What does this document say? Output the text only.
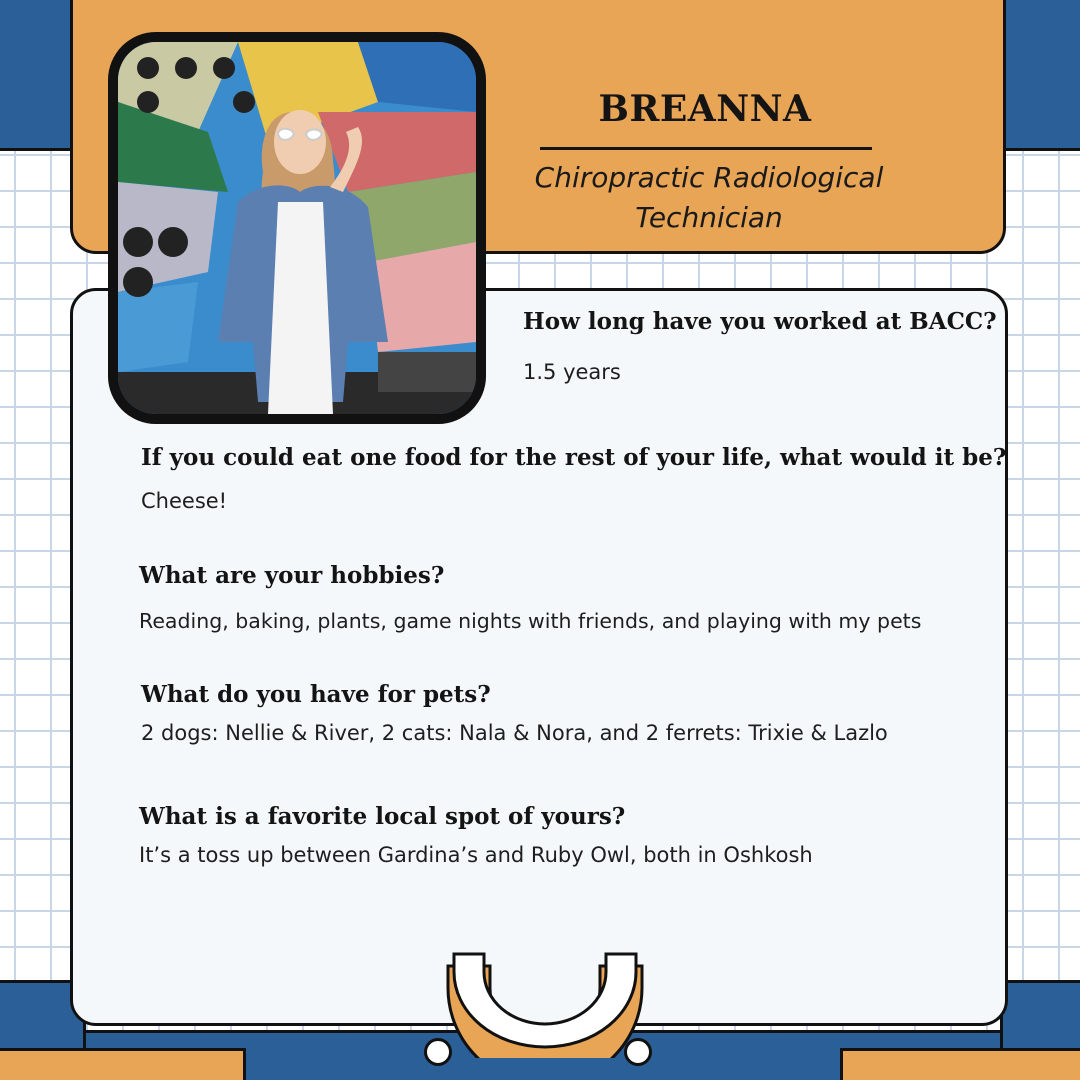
BREANNA
Chiropractic Radiological
Technician
How long have you worked at BACC?
1.5 years
If you could eat one food for the rest of your life, what would it be?
Cheese!
What are your hobbies?
Reading, baking, plants, game nights with friends, and playing with my pets
What do you have for pets?
2 dogs: Nellie & River, 2 cats: Nala & Nora, and 2 ferrets: Trixie & Lazlo
What is a favorite local spot of yours?
It’s a toss up between Gardina’s and Ruby Owl, both in Oshkosh
